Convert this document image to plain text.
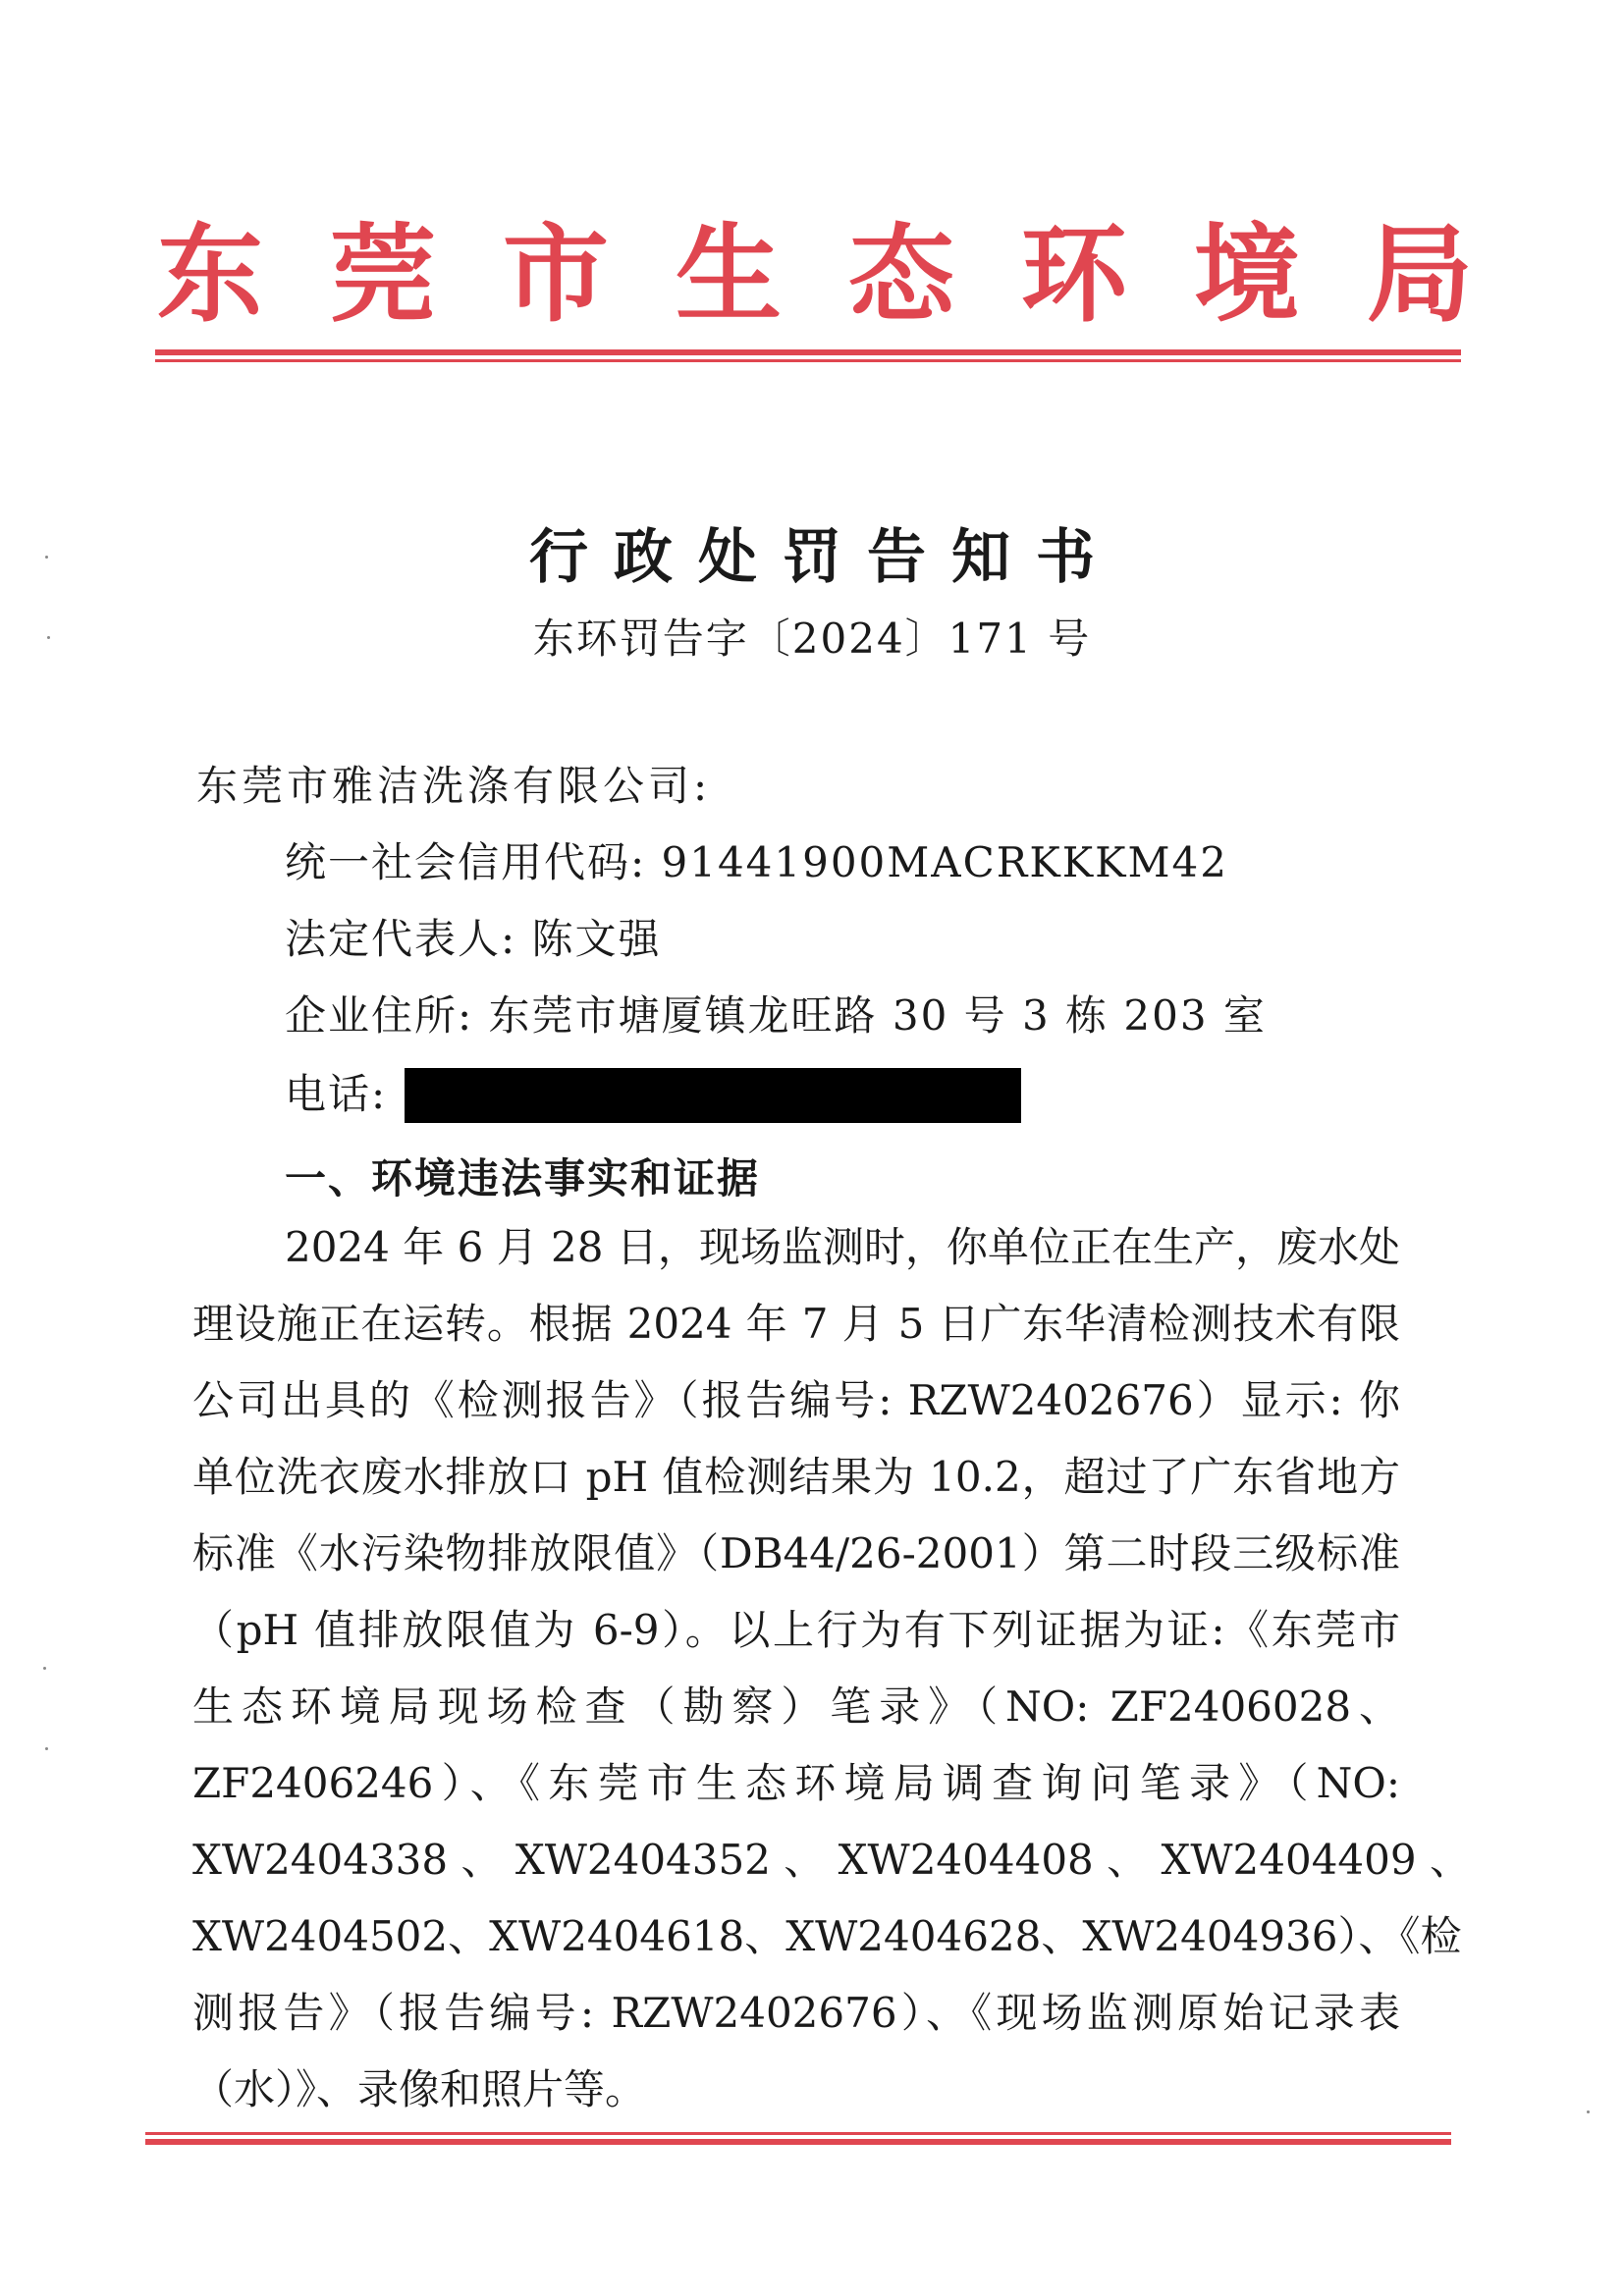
东 莞 市 生 态 环 境 局
行政处罚告知书
东环罚告字〔2024〕171 号
东莞市雅洁洗涤有限公司:
统一社会信用代码: 91441900MACRKKKM42
法定代表人: 陈文强
企业住所: 东莞市塘厦镇龙旺路 30 号 3 栋 203 室
电话:
一、环境违法事实和证据
2024 年 6 月 28 日，现场监测时，你单位正在生产，废水处
理设施正在运转。根据 2024 年 7 月 5 日广东华清检测技术有限
公司出具的《检测报告》（报告编号: RZW2402676）显示: 你
单位洗衣废水排放口 pH 值检测结果为 10.2，超过了广东省地方
标准《水污染物排放限值》（DB44/26-2001）第二时段三级标准
（pH 值排放限值为 6-9）。以上行为有下列证据为证:《东莞市
生态环境局现场检查（勘察）笔录》（NO: ZF2406028、
ZF2406246）、《东莞市生态环境局调查询问笔录》（NO:
XW2404338 、 XW2404352 、 XW2404408 、 XW2404409 、
XW2404502、XW2404618、XW2404628、XW2404936）、《检
测报告》（报告编号: RZW2402676）、《现场监测原始记录表
（水）》、录像和照片等。
